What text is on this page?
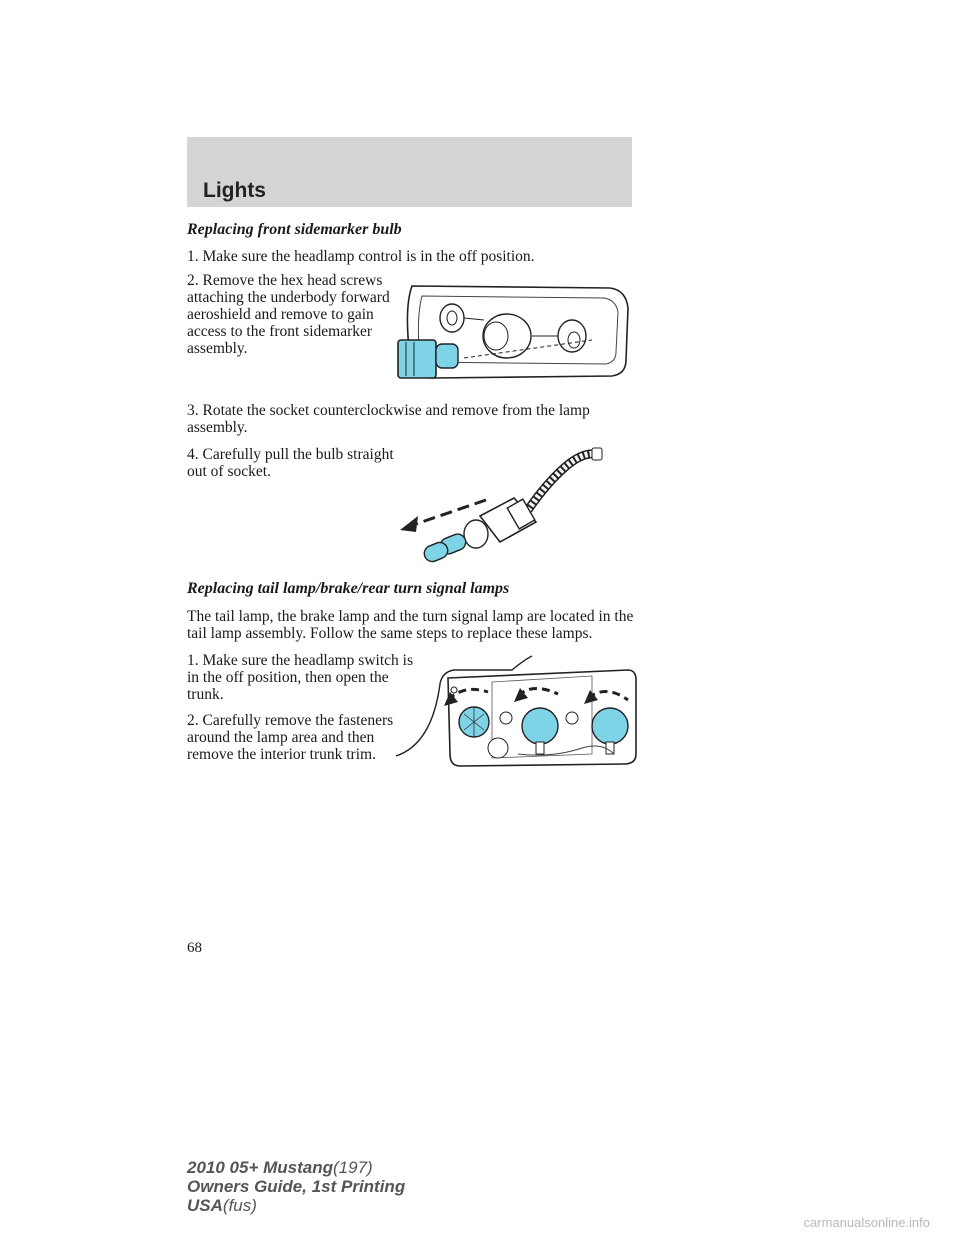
Lights
Replacing front sidemarker bulb

1. Make sure the headlamp control is in the off position.

2. Remove the hex head screws
attaching the underbody forward
aeroshield and remove to gain
access to the front sidemarker
assembly.

3. Rotate the socket counterclockwise and remove from the lamp assembly.

4. Carefully pull the bulb straight
out of socket.

Replacing tail lamp/brake/rear turn signal lamps

The tail lamp, the brake lamp and the turn signal lamp are located in the tail lamp assembly. Follow the same steps to replace these lamps.

1. Make sure the headlamp switch is
in the off position, then open the
trunk.

2. Carefully remove the fasteners
around the lamp area and then
remove the interior trunk trim.

68

2010 05+ Mustang(197)
Owners Guide, 1st Printing
USA(fus)

carmanualsonline.info
